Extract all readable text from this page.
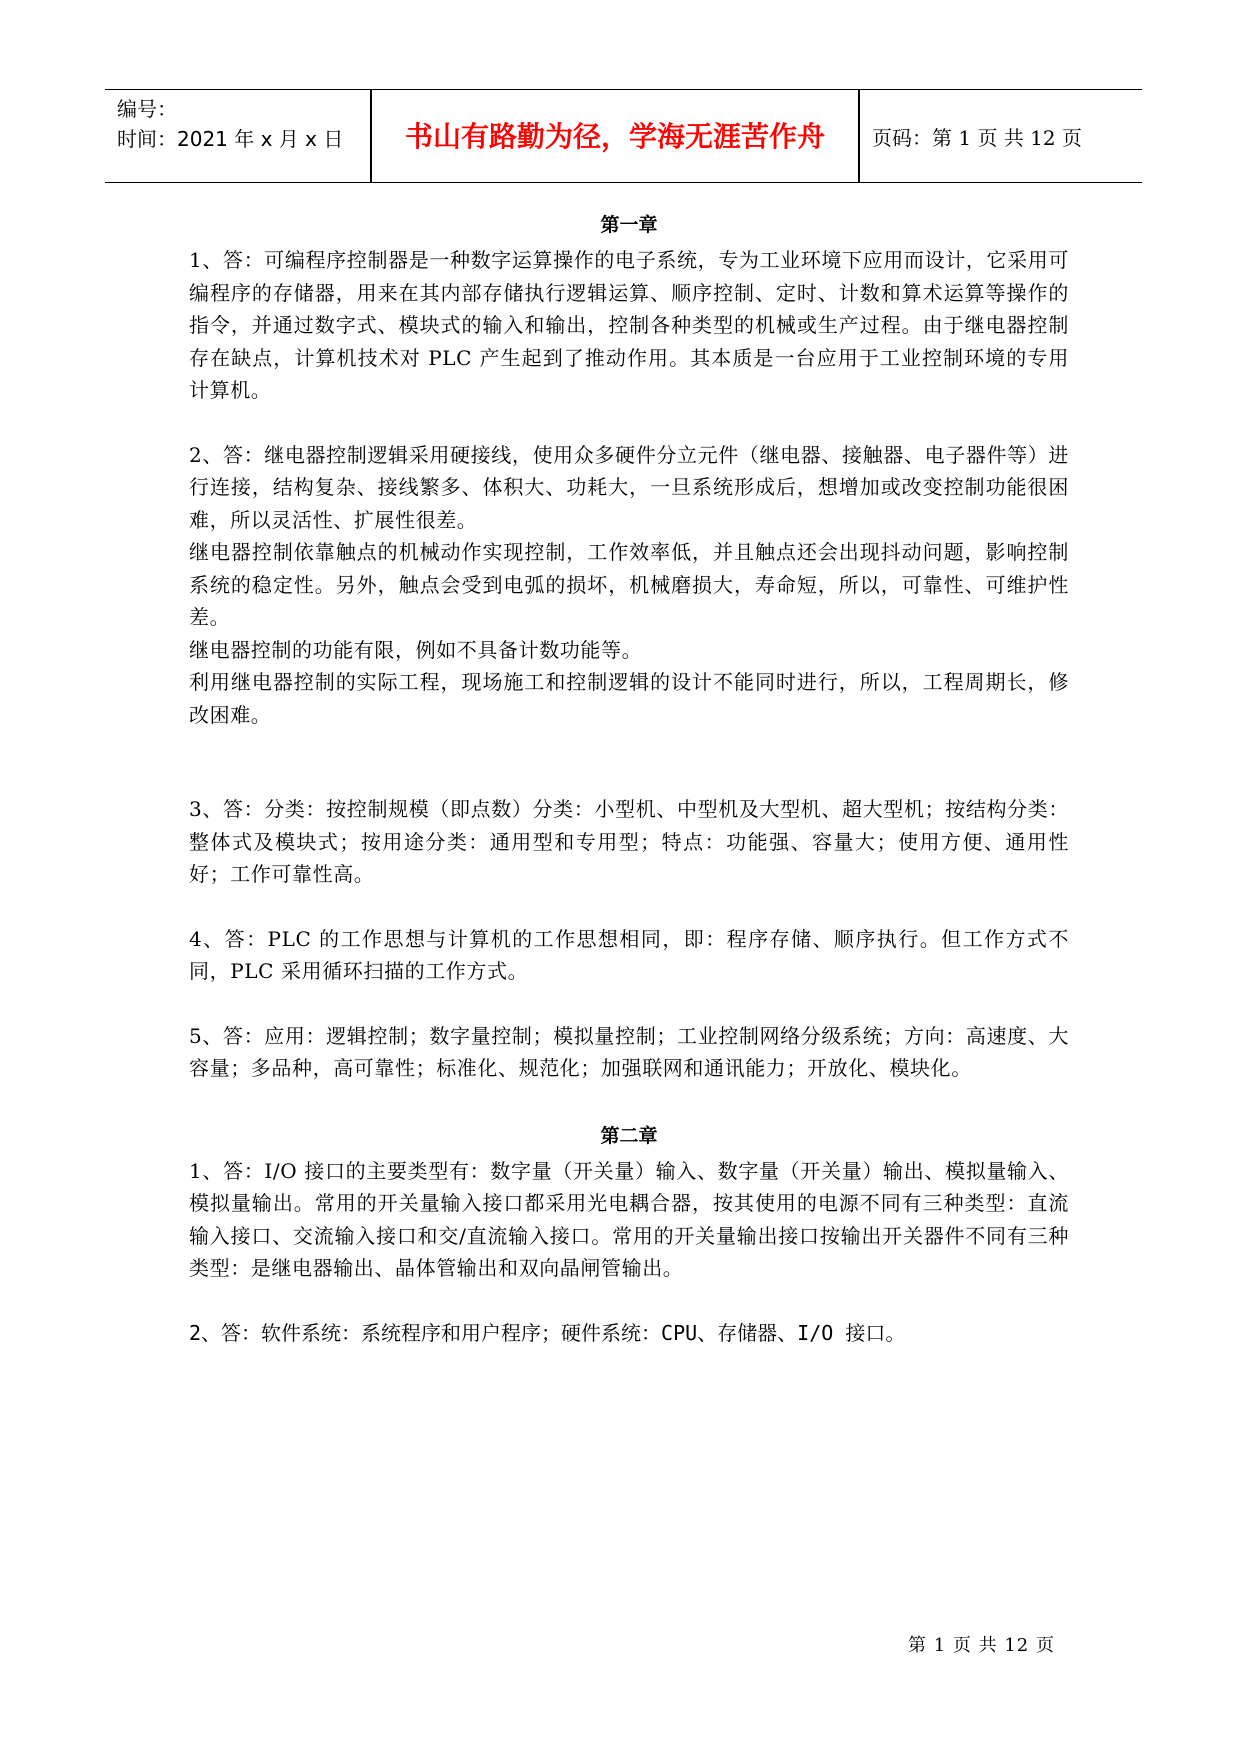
编号：
时间：2021 年 x 月 x 日	书山有路勤为径，学海无涯苦作舟	页码：第 1 页 共 12 页
第一章

1、答：可编程序控制器是一种数字运算操作的电子系统，专为工业环境下应用而设计，它采用可编程序的存储器，用来在其内部存储执行逻辑运算、顺序控制、定时、计数和算术运算等操作的指令，并通过数字式、模块式的输入和输出，控制各种类型的机械或生产过程。由于继电器控制存在缺点，计算机技术对 PLC 产生起到了推动作用。其本质是一台应用于工业控制环境的专用计算机。

2、答：继电器控制逻辑采用硬接线，使用众多硬件分立元件（继电器、接触器、电子器件等）进行连接，结构复杂、接线繁多、体积大、功耗大，一旦系统形成后，想增加或改变控制功能很困难，所以灵活性、扩展性很差。

继电器控制依靠触点的机械动作实现控制，工作效率低，并且触点还会出现抖动问题，影响控制系统的稳定性。另外，触点会受到电弧的损坏，机械磨损大，寿命短，所以，可靠性、可维护性差。

继电器控制的功能有限，例如不具备计数功能等。

利用继电器控制的实际工程，现场施工和控制逻辑的设计不能同时进行，所以，工程周期长，修改困难。

3、答：分类：按控制规模（即点数）分类：小型机、中型机及大型机、超大型机；按结构分类：整体式及模块式；按用途分类：通用型和专用型；特点：功能强、容量大；使用方便、通用性好；工作可靠性高。

4、答：PLC 的工作思想与计算机的工作思想相同，即：程序存储、顺序执行。但工作方式不同，PLC 采用循环扫描的工作方式。

5、答：应用：逻辑控制；数字量控制；模拟量控制；工业控制网络分级系统；方向：高速度、大容量；多品种，高可靠性；标准化、规范化；加强联网和通讯能力；开放化、模块化。

第二章

1、答：I/O 接口的主要类型有：数字量（开关量）输入、数字量（开关量）输出、模拟量输入、模拟量输出。常用的开关量输入接口都采用光电耦合器，按其使用的电源不同有三种类型：直流输入接口、交流输入接口和交/直流输入接口。常用的开关量输出接口按输出开关器件不同有三种类型：是继电器输出、晶体管输出和双向晶闸管输出。

2、答：软件系统：系统程序和用户程序；硬件系统：CPU、存储器、I/O 接口。

第 1 页 共 12 页
